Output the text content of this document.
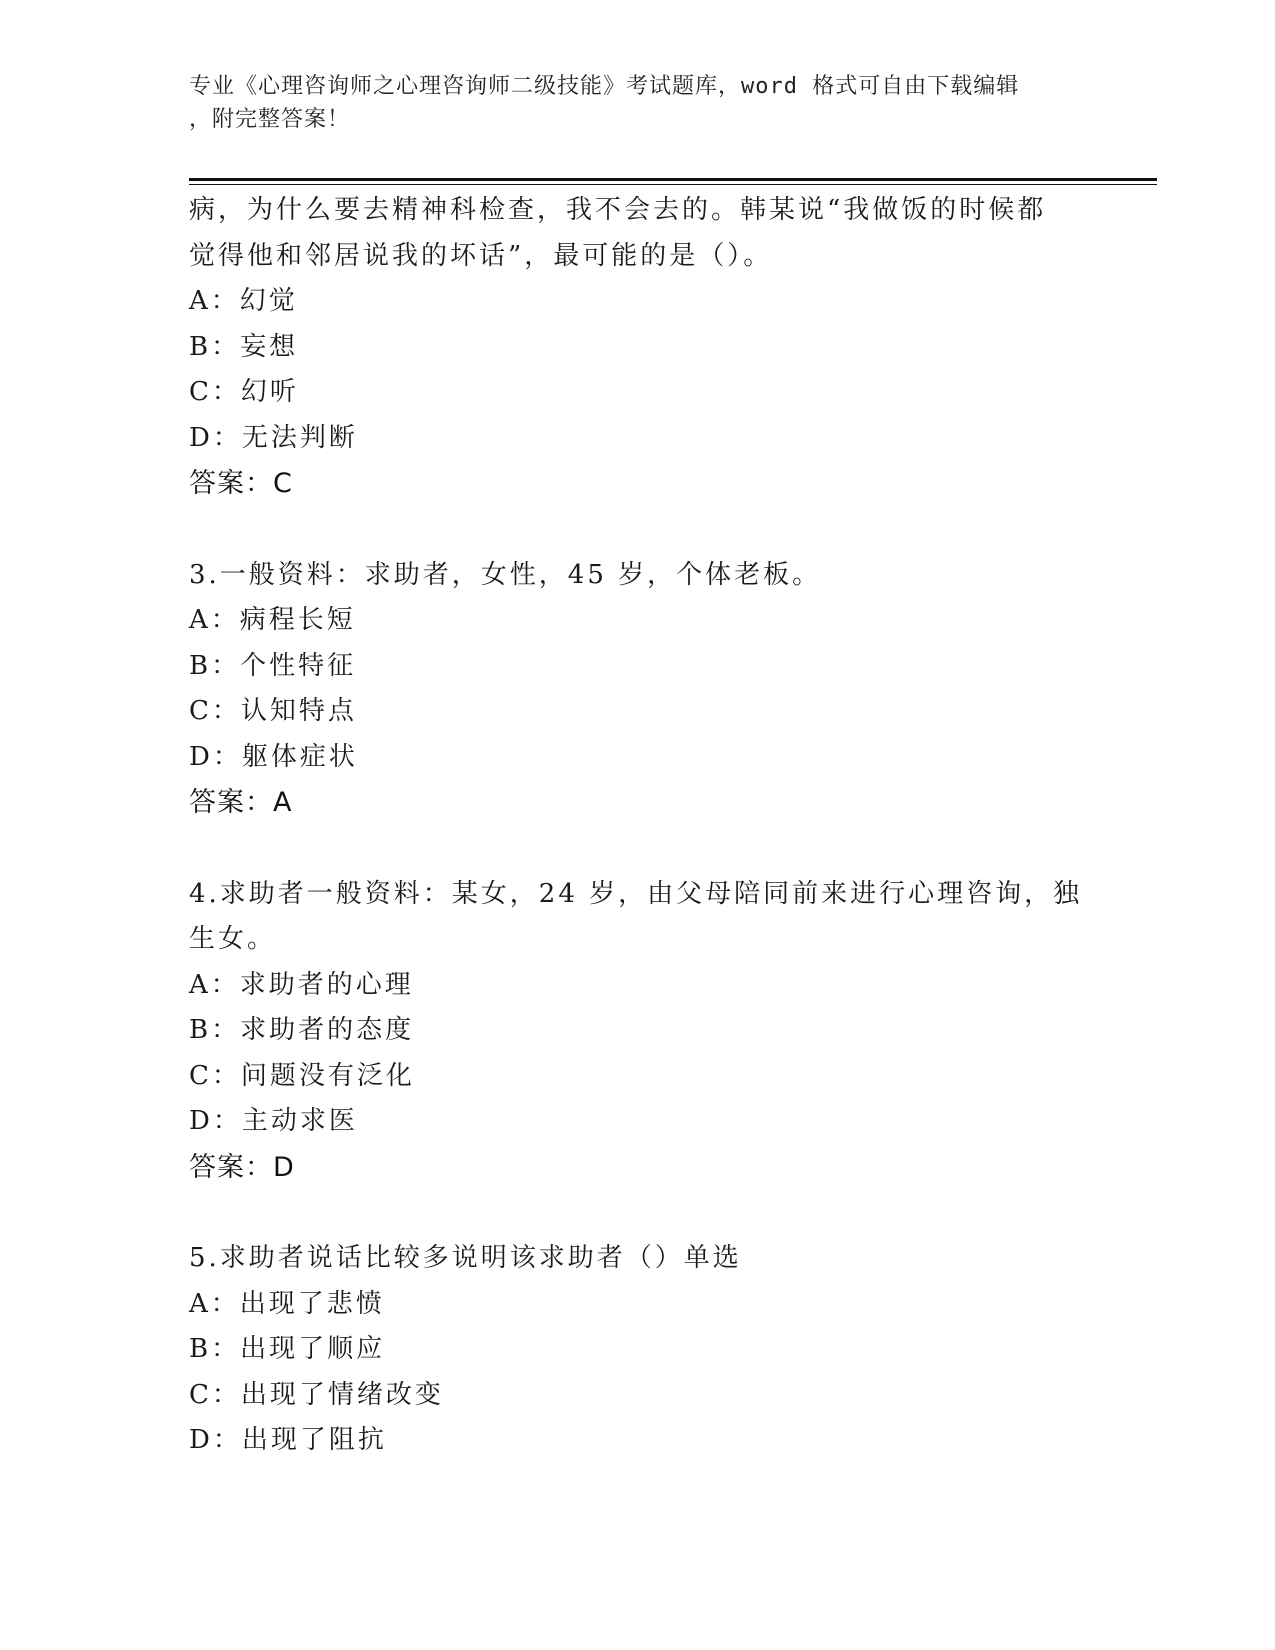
专业《心理咨询师之心理咨询师二级技能》考试题库，word 格式可自由下载编辑
，附完整答案！
病，为什么要去精神科检查，我不会去的。韩某说“我做饭的时候都
觉得他和邻居说我的坏话”，最可能的是（）。
A：幻觉
B：妄想
C：幻听
D：无法判断
答案：C
3.一般资料：求助者，女性，45 岁，个体老板。
A：病程长短
B：个性特征
C：认知特点
D：躯体症状
答案：A
4.求助者一般资料：某女，24 岁，由父母陪同前来进行心理咨询，独
生女。
A：求助者的心理
B：求助者的态度
C：问题没有泛化
D：主动求医
答案：D
5.求助者说话比较多说明该求助者（）单选
A：出现了悲愤
B：出现了顺应
C：出现了情绪改变
D：出现了阻抗
